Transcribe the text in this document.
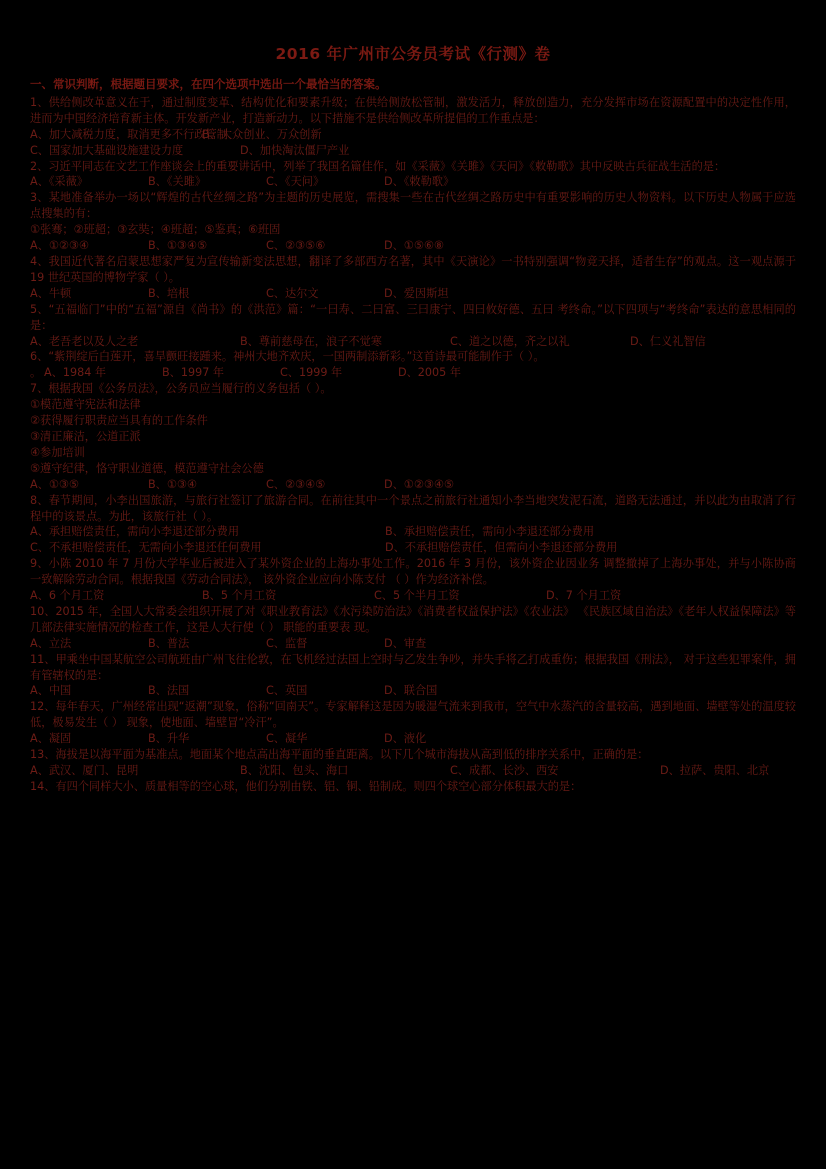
2016 年广州市公务员考试《行测》卷
一、常识判断，根据题目要求，在四个选项中选出一个最恰当的答案。
1、供给侧改革意义在于，通过制度变革、结构优化和要素升级；在供给侧放松管制，激发活力，释放创造力，充分发挥市场在资源配置中的决定性作用，进而为中国经济培育新主体。开发新产业，打造新动力。以下措施不是供给侧改革所提倡的工作重点是：
A、加大减税力度，取消更多不行政管制
B、大众创业、万众创新
C、国家加大基础设施建设力度	D、加快淘汰僵尸产业
2、习近平同志在文艺工作座谈会上的重要讲话中，列举了我国名篇佳作，如《采薇》《关雎》《天问》《敕勒歌》其中反映古兵征战生活的是：
A、《采薇》	B、《关雎》	C、《天问》	D、《敕勒歌》
3、某地准备举办一场以“辉煌的古代丝绸之路”为主题的历史展览，需搜集一些在古代丝绸之路历史中有重要影响的历史人物资料。以下历史人物属于应选点搜集的有：
①张骞；②班超；③玄奘；④班超；⑤鉴真；⑥班固
A、①②③④	B、①③④⑤	C、②③⑤⑥	D、①⑤⑥⑧
4、我国近代著名启蒙思想家严复为宣传输新变法思想，翻译了多部西方名著，其中《天演论》一书特别强调“物竞天择，适者生存”的观点。这一观点源于 19 世纪英国的博物学家（ ）。
A、牛顿	B、培根	C、达尔文	D、爱因斯坦
5、“五福临门”中的“五福”源自《尚书》的《洪范》篇：“一曰寿、二曰富、三曰康宁、四曰攸好德、五曰 考终命。”以下四项与“考终命”表达的意思相同的是：
A、老吾老以及人之老	B、尊前慈母在，浪子不觉寒	C、道之以德，齐之以礼	D、仁义礼智信
6、“紫荆绽后白莲开，喜旱颤旺接踵来。神州大地齐欢庆，一国两制添新彩。”这首诗最可能制作于（ ）。
。 A、1984 年	B、1997 年	C、1999 年	D、2005 年
7、根据我国《公务员法》，公务员应当履行的义务包括（ ）。
①模范遵守宪法和法律
②获得履行职责应当具有的工作条件
③清正廉洁，公道正派
④参加培训
⑤遵守纪律，恪守职业道德，模范遵守社会公德
A、①③⑤	B、①③④	C、②③④⑤	D、①②③④⑤
8、春节期间，小李出国旅游，与旅行社签订了旅游合同。在前往其中一个景点之前旅行社通知小李当地突发泥石流，道路无法通过，并以此为由取消了行程中的该景点。为此，该旅行社（ ）。
A、承担赔偿责任，需向小李退还部分费用	B、承担赔偿责任，需向小李退还部分费用
C、不承担赔偿责任，无需向小李退还任何费用	D、不承担赔偿责任，但需向小李退还部分费用
9、小陈 2010 年 7 月份大学毕业后被进入了某外资企业的上海办事处工作。2016 年 3 月份，该外资企业因业务 调整撤掉了上海办事处，并与小陈协商一致解除劳动合同。根据我国《劳动合同法》， 该外资企业应向小陈支付 （ ）作为经济补偿。
A、6 个月工资	B、5 个月工资	C、5 个半月工资	D、7 个月工资
10、2015 年，全国人大常委会组织开展了对《职业教育法》《水污染防治法》《消费者权益保护法》《农业法》 《民族区域自治法》《老年人权益保障法》等几部法律实施情况的检查工作，这是人大行使（ ） 职能的重要表 现。
A、立法	B、普法	C、监督	D、审查
11、甲乘坐中国某航空公司航班由广州飞往伦敦，在飞机经过法国上空时与乙发生争吵，并失手将乙打成重伤；根据我国《刑法》， 对于这些犯罪案件，拥有管辖权的是：
A、中国	B、法国	C、英国	D、联合国
12、每年春天，广州经常出现“返潮”现象，俗称“回南天”。专家解释这是因为暖湿气流来到我市，空气中水蒸汽的含量较高，遇到地面、墙壁等处的温度较低，极易发生（ ） 现象，使地面、墙壁冒“冷汗”。
A、凝固	B、升华	C、凝华	D、液化
13、海拔是以海平面为基准点。地面某个地点高出海平面的垂直距离。以下几个城市海拔从高到低的排序关系中，正确的是：
A、武汉、厦门、昆明	B、沈阳、包头、海口	C、成都、长沙、西安	D、拉萨、贵阳、北京
14、有四个同样大小、质量相等的空心球，他们分别由铁、铝、铜、铅制成。则四个球空心部分体积最大的是：
